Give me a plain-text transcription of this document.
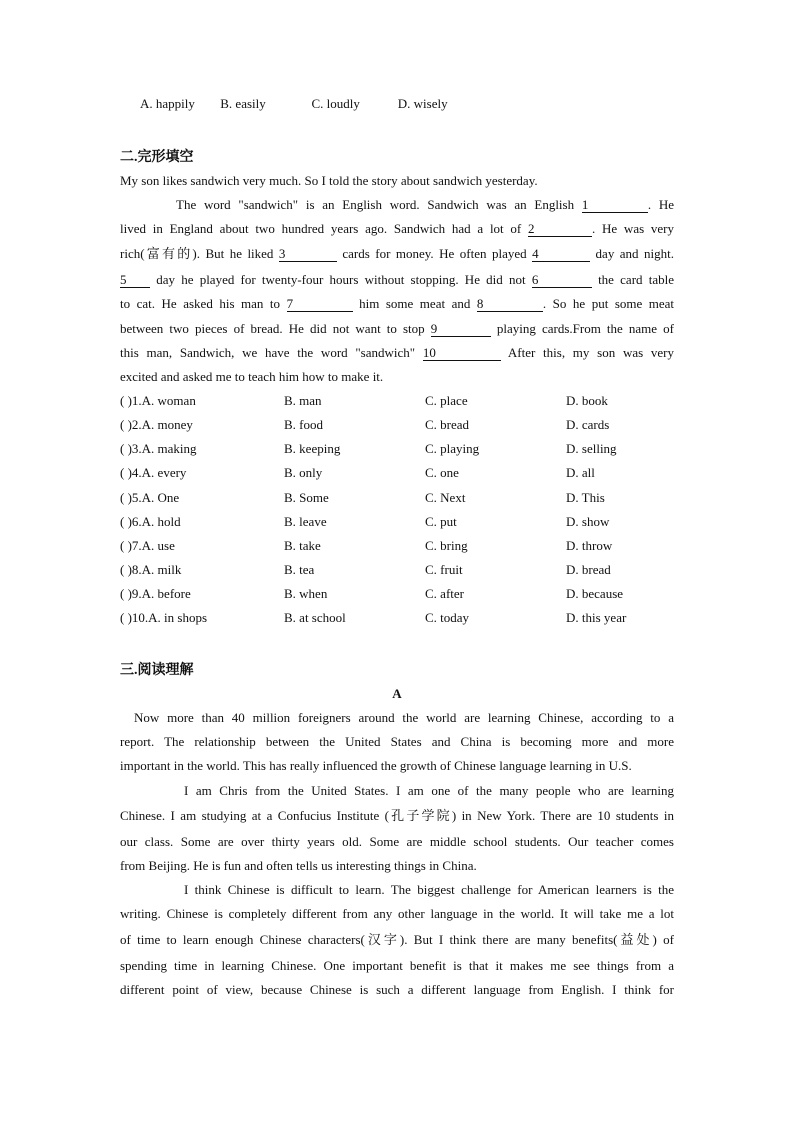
A. happily B. easily	C. loudly	D. wisely
二.完形填空
My son likes sandwich very much. So I told the story about sandwich yesterday.
The word "sandwich" is an English word. Sandwich was an English 1	. He
lived in England about two hundred years ago. Sandwich had a lot of 2	. He was very
rich(富有的). But he liked 3	cards for money. He often played 4	day and night.
5 day he played for twenty-four hours without stopping. He did not 6	the card table
to cat. He asked his man to 7	him some meat and 8	. So he put some meat
between two pieces of bread. He did not want to stop 9	playing cards.From the name of
this man, Sandwich, we have the word "sandwich" 10	After this, my son was very
excited and asked me to teach him how to make it.
( )1.A. woman	B. man	C. place	D. book
( )2.A. money	B. food	C. bread	D. cards
( )3.A. making	B. keeping	C. playing	D. selling
( )4.A. every	B. only	C. one	D. all
( )5.A. One	B. Some	C. Next	D. This
( )6.A. hold	B. leave	C. put	D. show
( )7.A. use	B. take	C. bring	D. throw
( )8.A. milk	B. tea	C. fruit	D. bread
( )9.A. before	B. when	C. after	D. because
( )10.A. in shops	B. at school	C. today	D. this year
三.阅读理解
A
Now more than 40 million foreigners around the world are learning Chinese, according to a
report. The relationship between the United States and China is becoming more and more
important in the world. This has really influenced the growth of Chinese language learning in U.S.
I am Chris from the United States. I am one of the many people who are learning
Chinese. I am studying at a Confucius Institute (孔子学院) in New York. There are 10 students in
our class. Some are over thirty years old. Some are middle school students. Our teacher comes
from Beijing. He is fun and often tells us interesting things in China.
I think Chinese is difficult to learn. The biggest challenge for American learners is the
writing. Chinese is completely different from any other language in the world. It will take me a lot
of time to learn enough Chinese characters(汉字). But I think there are many benefits(益处) of
spending time in learning Chinese. One important benefit is that it makes me see things from a
different point of view, because Chinese is such a different language from English. I think for
